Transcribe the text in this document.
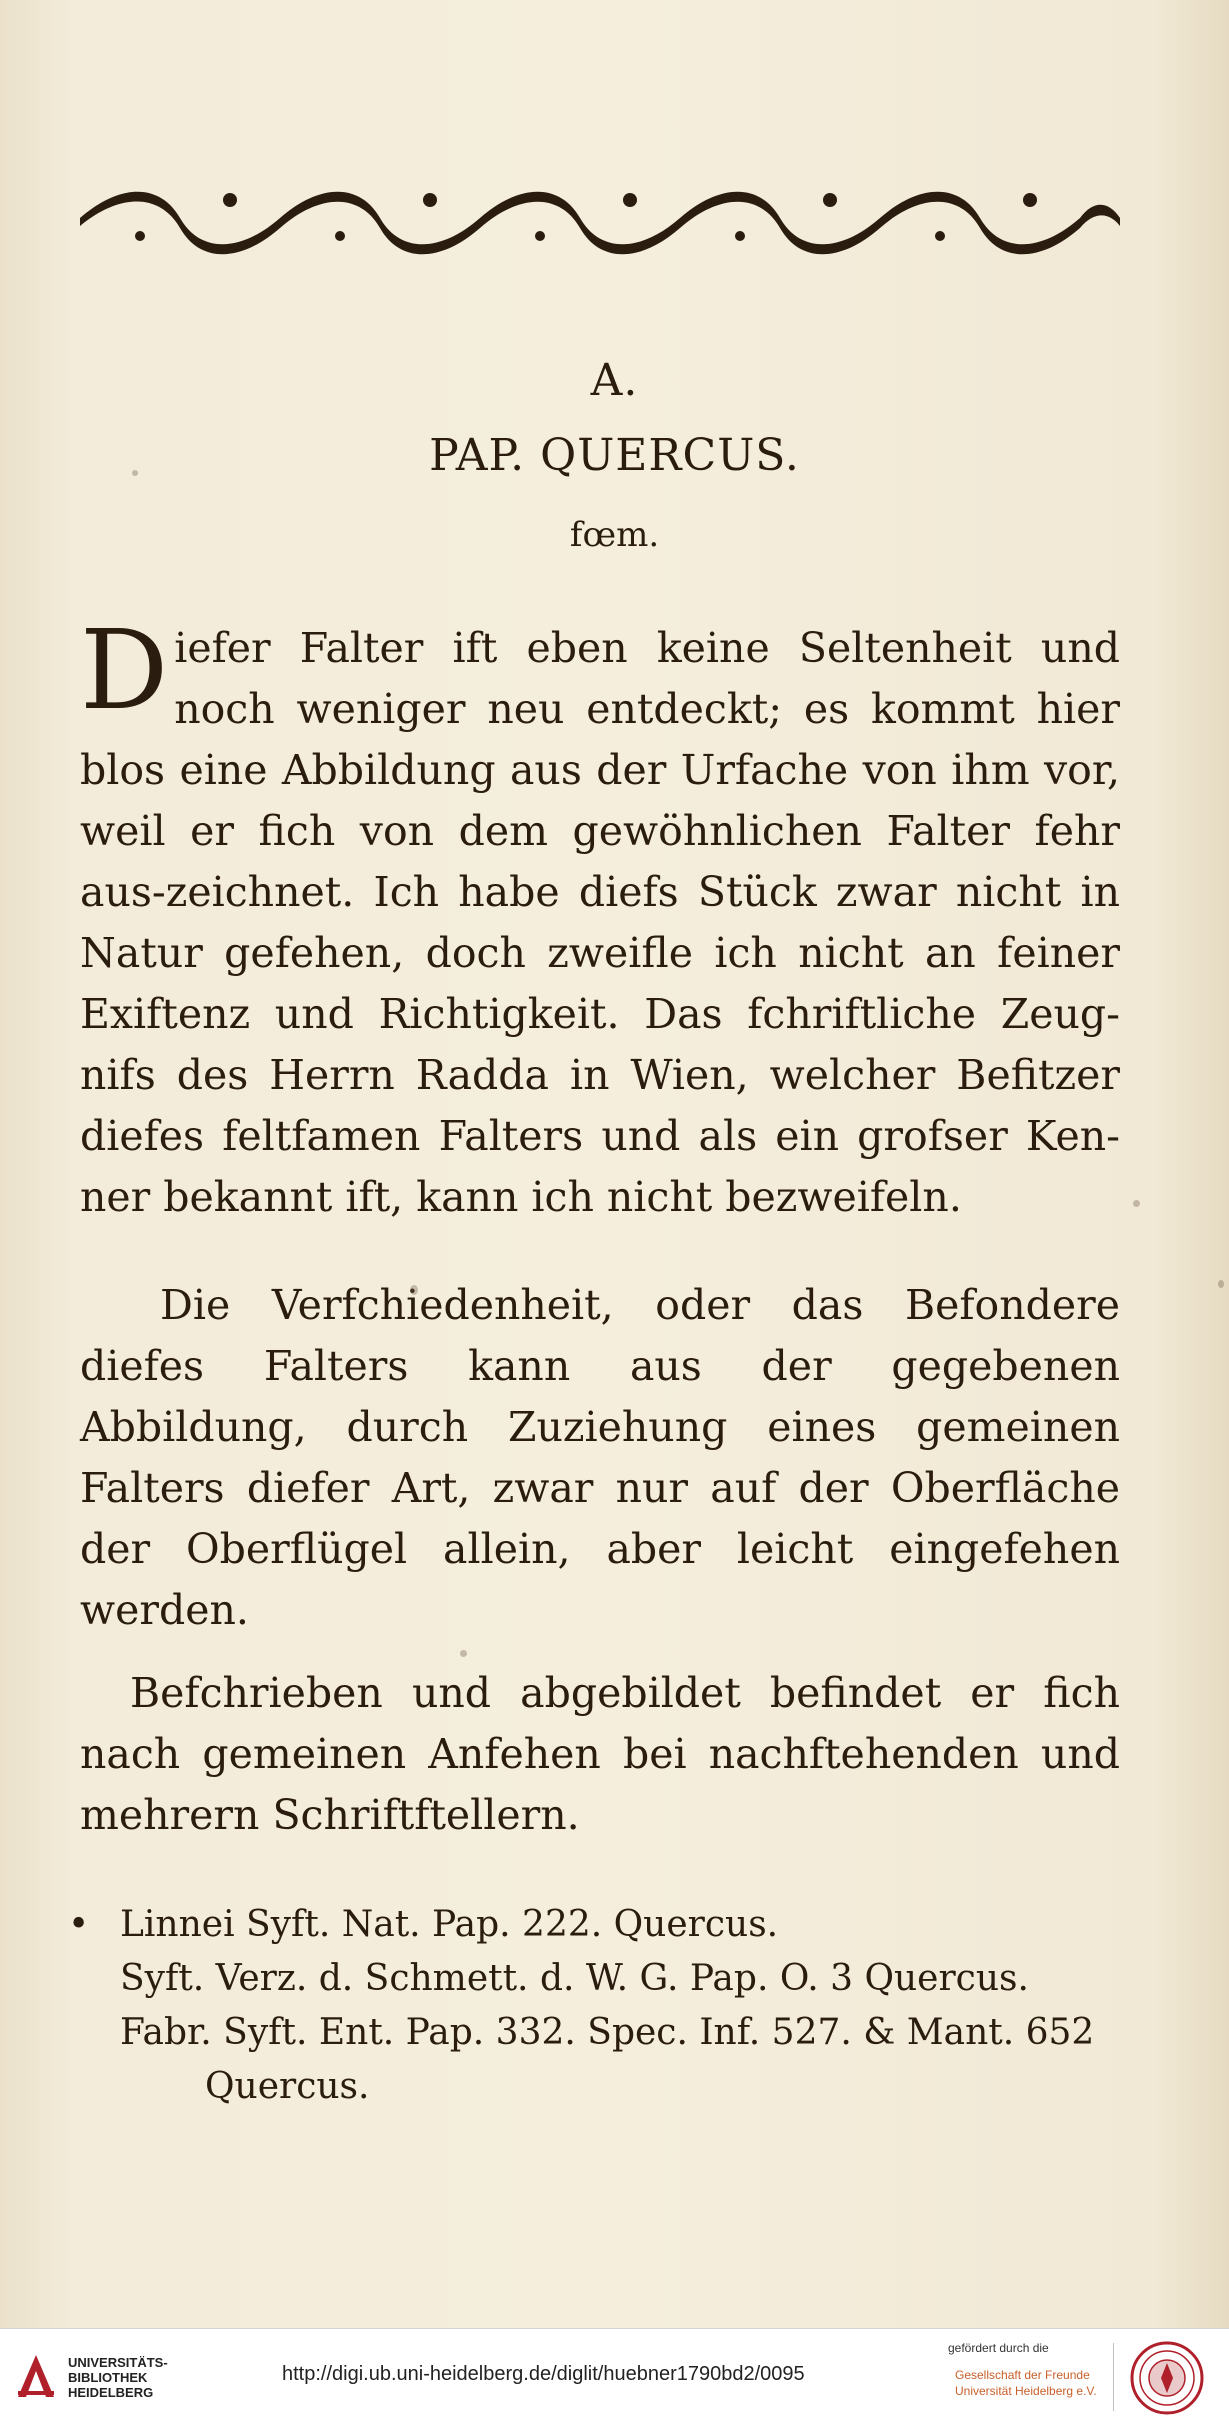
A.
PAP. QUERCUS.
fœm.
Diefer Falter ift eben keine Seltenheit und noch weniger neu entdeckt; es kommt hier blos eine Abbildung aus der Urfache von ihm vor, weil er fich von dem gewöhnlichen Falter fehr aus-zeichnet. Ich habe diefs Stück zwar nicht in Natur gefehen, doch zweifle ich nicht an feiner Exiftenz und Richtigkeit. Das fchriftliche Zeug-nifs des Herrn Radda in Wien, welcher Befitzer diefes feltfamen Falters und als ein grofser Ken-ner bekannt ift, kann ich nicht bezweifeln.
Die Verfchiedenheit, oder das Befondere diefes Falters kann aus der gegebenen Abbildung, durch Zuziehung eines gemeinen Falters diefer Art, zwar nur auf der Oberfläche der Oberflügel allein, aber leicht eingefehen werden.
Befchrieben und abgebildet befindet er fich nach gemeinen Anfehen bei nachftehenden und mehrern Schriftftellern.
• Linnei Syft. Nat. Pap. 222. Quercus.
Syft. Verz. d. Schmett. d. W. G. Pap. O. 3 Quercus.
Fabr. Syft. Ent. Pap. 332. Spec. Inf. 527. & Mant. 652
Quercus.
UNIVERSITÄTS-
BIBLIOTHEK
HEIDELBERG
http://digi.ub.uni-heidelberg.de/diglit/huebner1790bd2/0095
gefördert durch die
Gesellschaft der Freunde
Universität Heidelberg e.V.
